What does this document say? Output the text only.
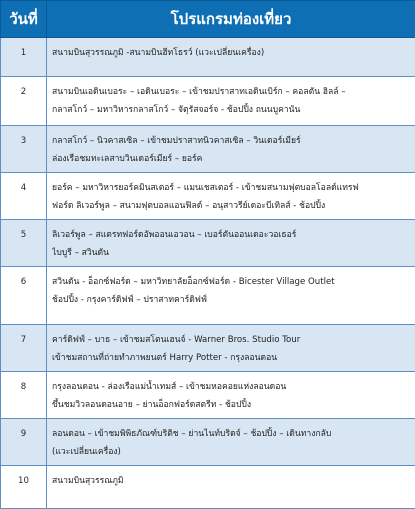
วันที่	โปรแกรมท่องเที่ยว
1	สนามบินสุวรรณภูมิ -สนามบินฮีทโธรว์ (แวะเปลี่ยนเครื่อง)

2	สนามบินเอดินเบอระ – เอดินเบอระ – เข้าชมปราสาทเอดินเบิร์ก – คอลตัน ฮิลล์ –
กลาสโกว์ – มหาวิหารกลาสโกว์ – จัตุรัสจอร์จ - ช้อปปิ้ง ถนนบูคานัน

3	กลาสโกว์ – นิวคาสเซิล – เข้าชมปราสาทนิวคาสเซิล – วินเดอร์เมียร์
ล่องเรือชมทะเลสาบวินเดอร์เมียร์ – ยอร์ค

4	ยอร์ค – มหาวิหารยอร์คมินสเตอร์ – แมนเชสเตอร์ - เข้าชมสนามฟุตบอลโอลด์แทรฟ
ฟอร์ด ลิเวอร์พูล – สนามฟุตบอลแอนฟิลด์ – อนุสาวรีย์เดอะบีเทิลส์ - ช้อปปิ้ง

5	ลิเวอร์พูล – สแตรทฟอร์ดอัพออนเอวอน – เบอร์ตันออนเดอะวอเธอร์
ไบบูรี – สวินดัน

6	สวินดัน - อ็อกซ์ฟอร์ด – มหาวิทยาลัยอ็อกซ์ฟอร์ด - Bicester Village Outlet
ช้อปปิ้ง - กรุงคาร์ดิฟฟ์ – ปราสาทคาร์ดิฟฟ์

7	คาร์ดิฟฟ์ – บาธ – เข้าชมสโตนเฮนจ์ - Warner Bros. Studio Tour
เข้าชมสถานที่ถ่ายทำภาพยนตร์ Harry Potter - กรุงลอนดอน

8	กรุงลอนดอน - ล่องเรือแม่น้ำเทมส์ – เข้าชมหอคอยแห่งลอนดอน
ขึ้นชมวิวลอนดอนอาย – ย่านอ็อกฟอร์ดสตรีท - ช้อปปิ้ง

9	ลอนดอน – เข้าชมพิพิธภัณฑ์บริติช – ย่านไนท์บริดจ์ – ช้อปปิ้ง – เดินทางกลับ
(แวะเปลี่ยนเครื่อง)

10	สนามบินสุวรรณภูมิ
